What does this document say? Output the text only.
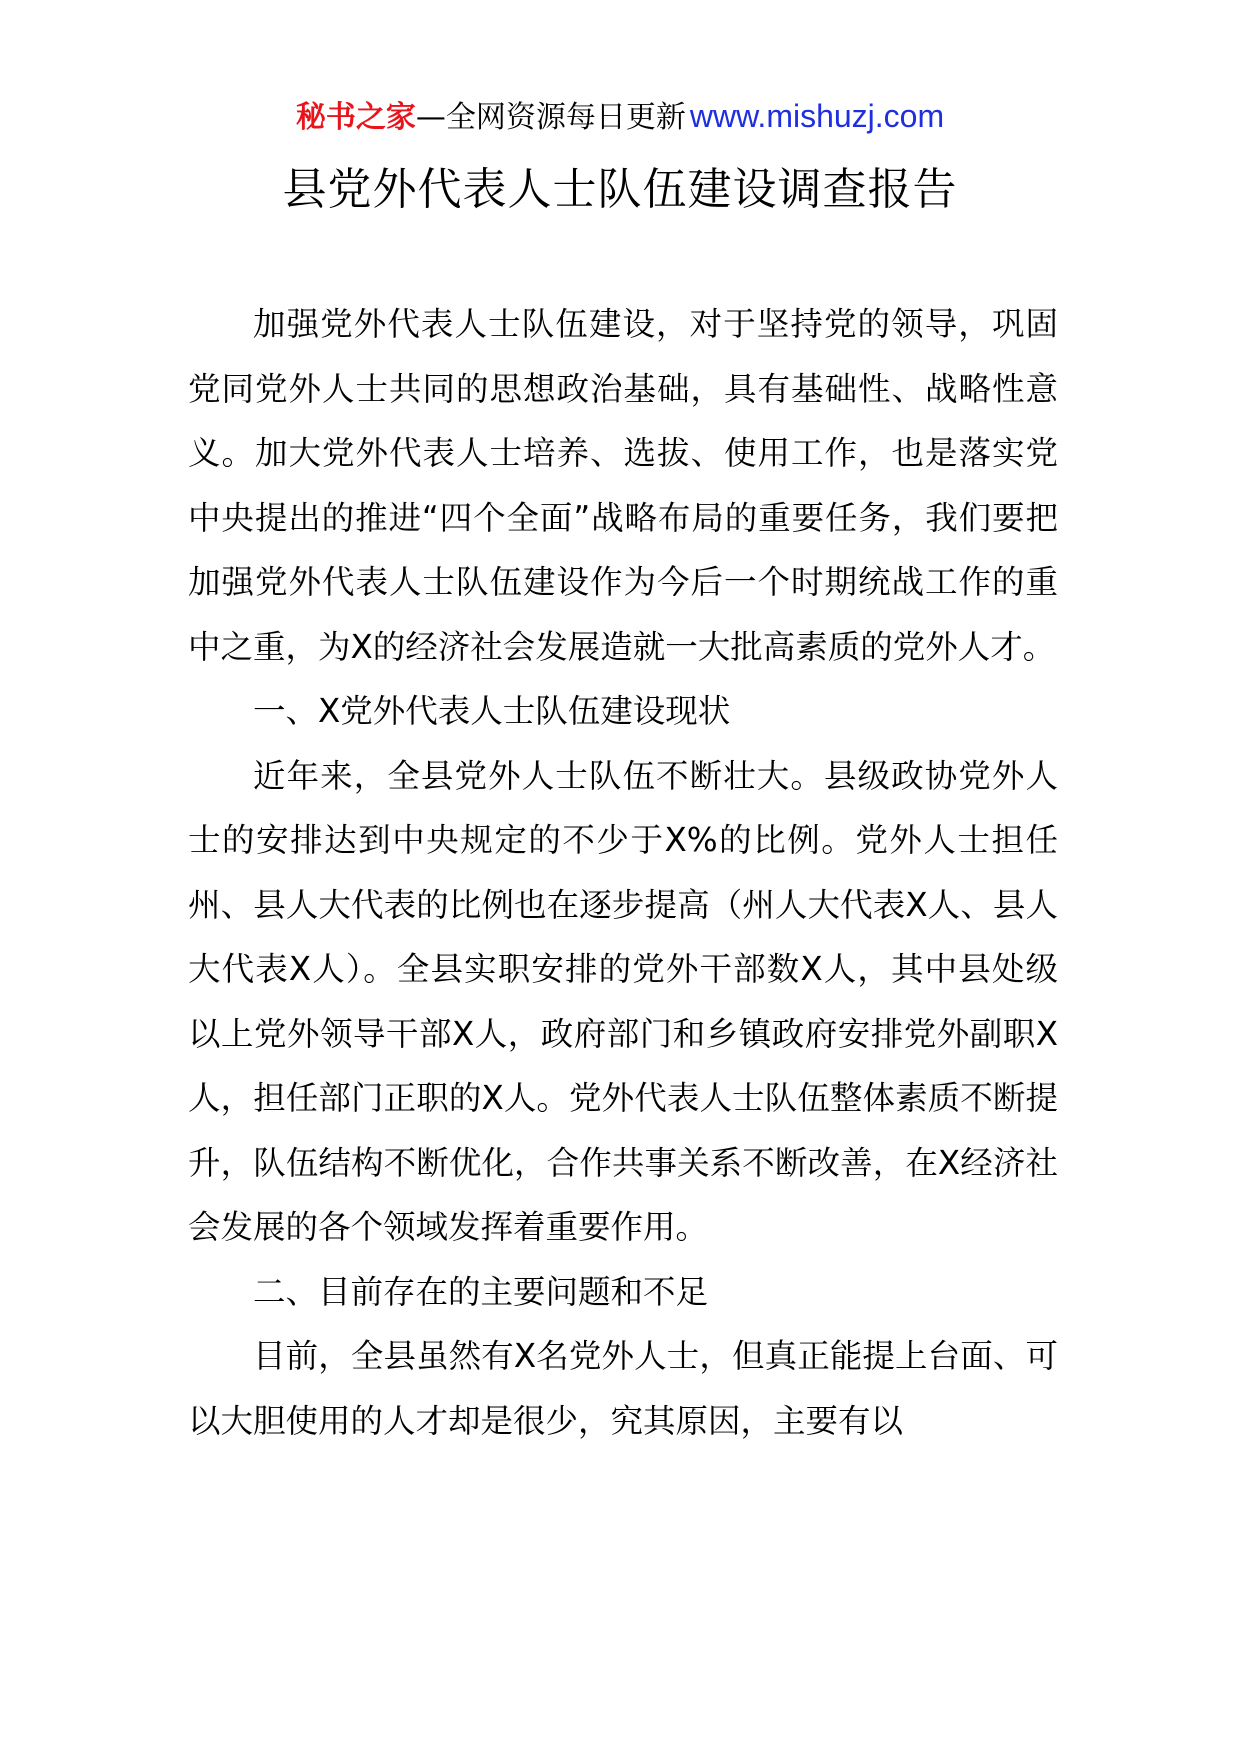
秘书之家—全网资源每日更新 www.mishuzj.com
县党外代表人士队伍建设调查报告

加强党外代表人士队伍建设，对于坚持党的领导，巩固党同党外人士共同的思想政治基础，具有基础性、战略性意义。加大党外代表人士培养、选拔、使用工作，也是落实党中央提出的推进“四个全面”战略布局的重要任务，我们要把加强党外代表人士队伍建设作为今后一个时期统战工作的重中之重，为X的经济社会发展造就一大批高素质的党外人才。

一、X党外代表人士队伍建设现状

近年来，全县党外人士队伍不断壮大。县级政协党外人士的安排达到中央规定的不少于X%的比例。党外人士担任州、县人大代表的比例也在逐步提高（州人大代表X人、县人大代表X人）。全县实职安排的党外干部数X人，其中县处级以上党外领导干部X人，政府部门和乡镇政府安排党外副职X人，担任部门正职的X人。党外代表人士队伍整体素质不断提升，队伍结构不断优化，合作共事关系不断改善，在X经济社会发展的各个领域发挥着重要作用。

二、目前存在的主要问题和不足

目前，全县虽然有X名党外人士，但真正能提上台面、可以大胆使用的人才却是很少，究其原因，主要有以
